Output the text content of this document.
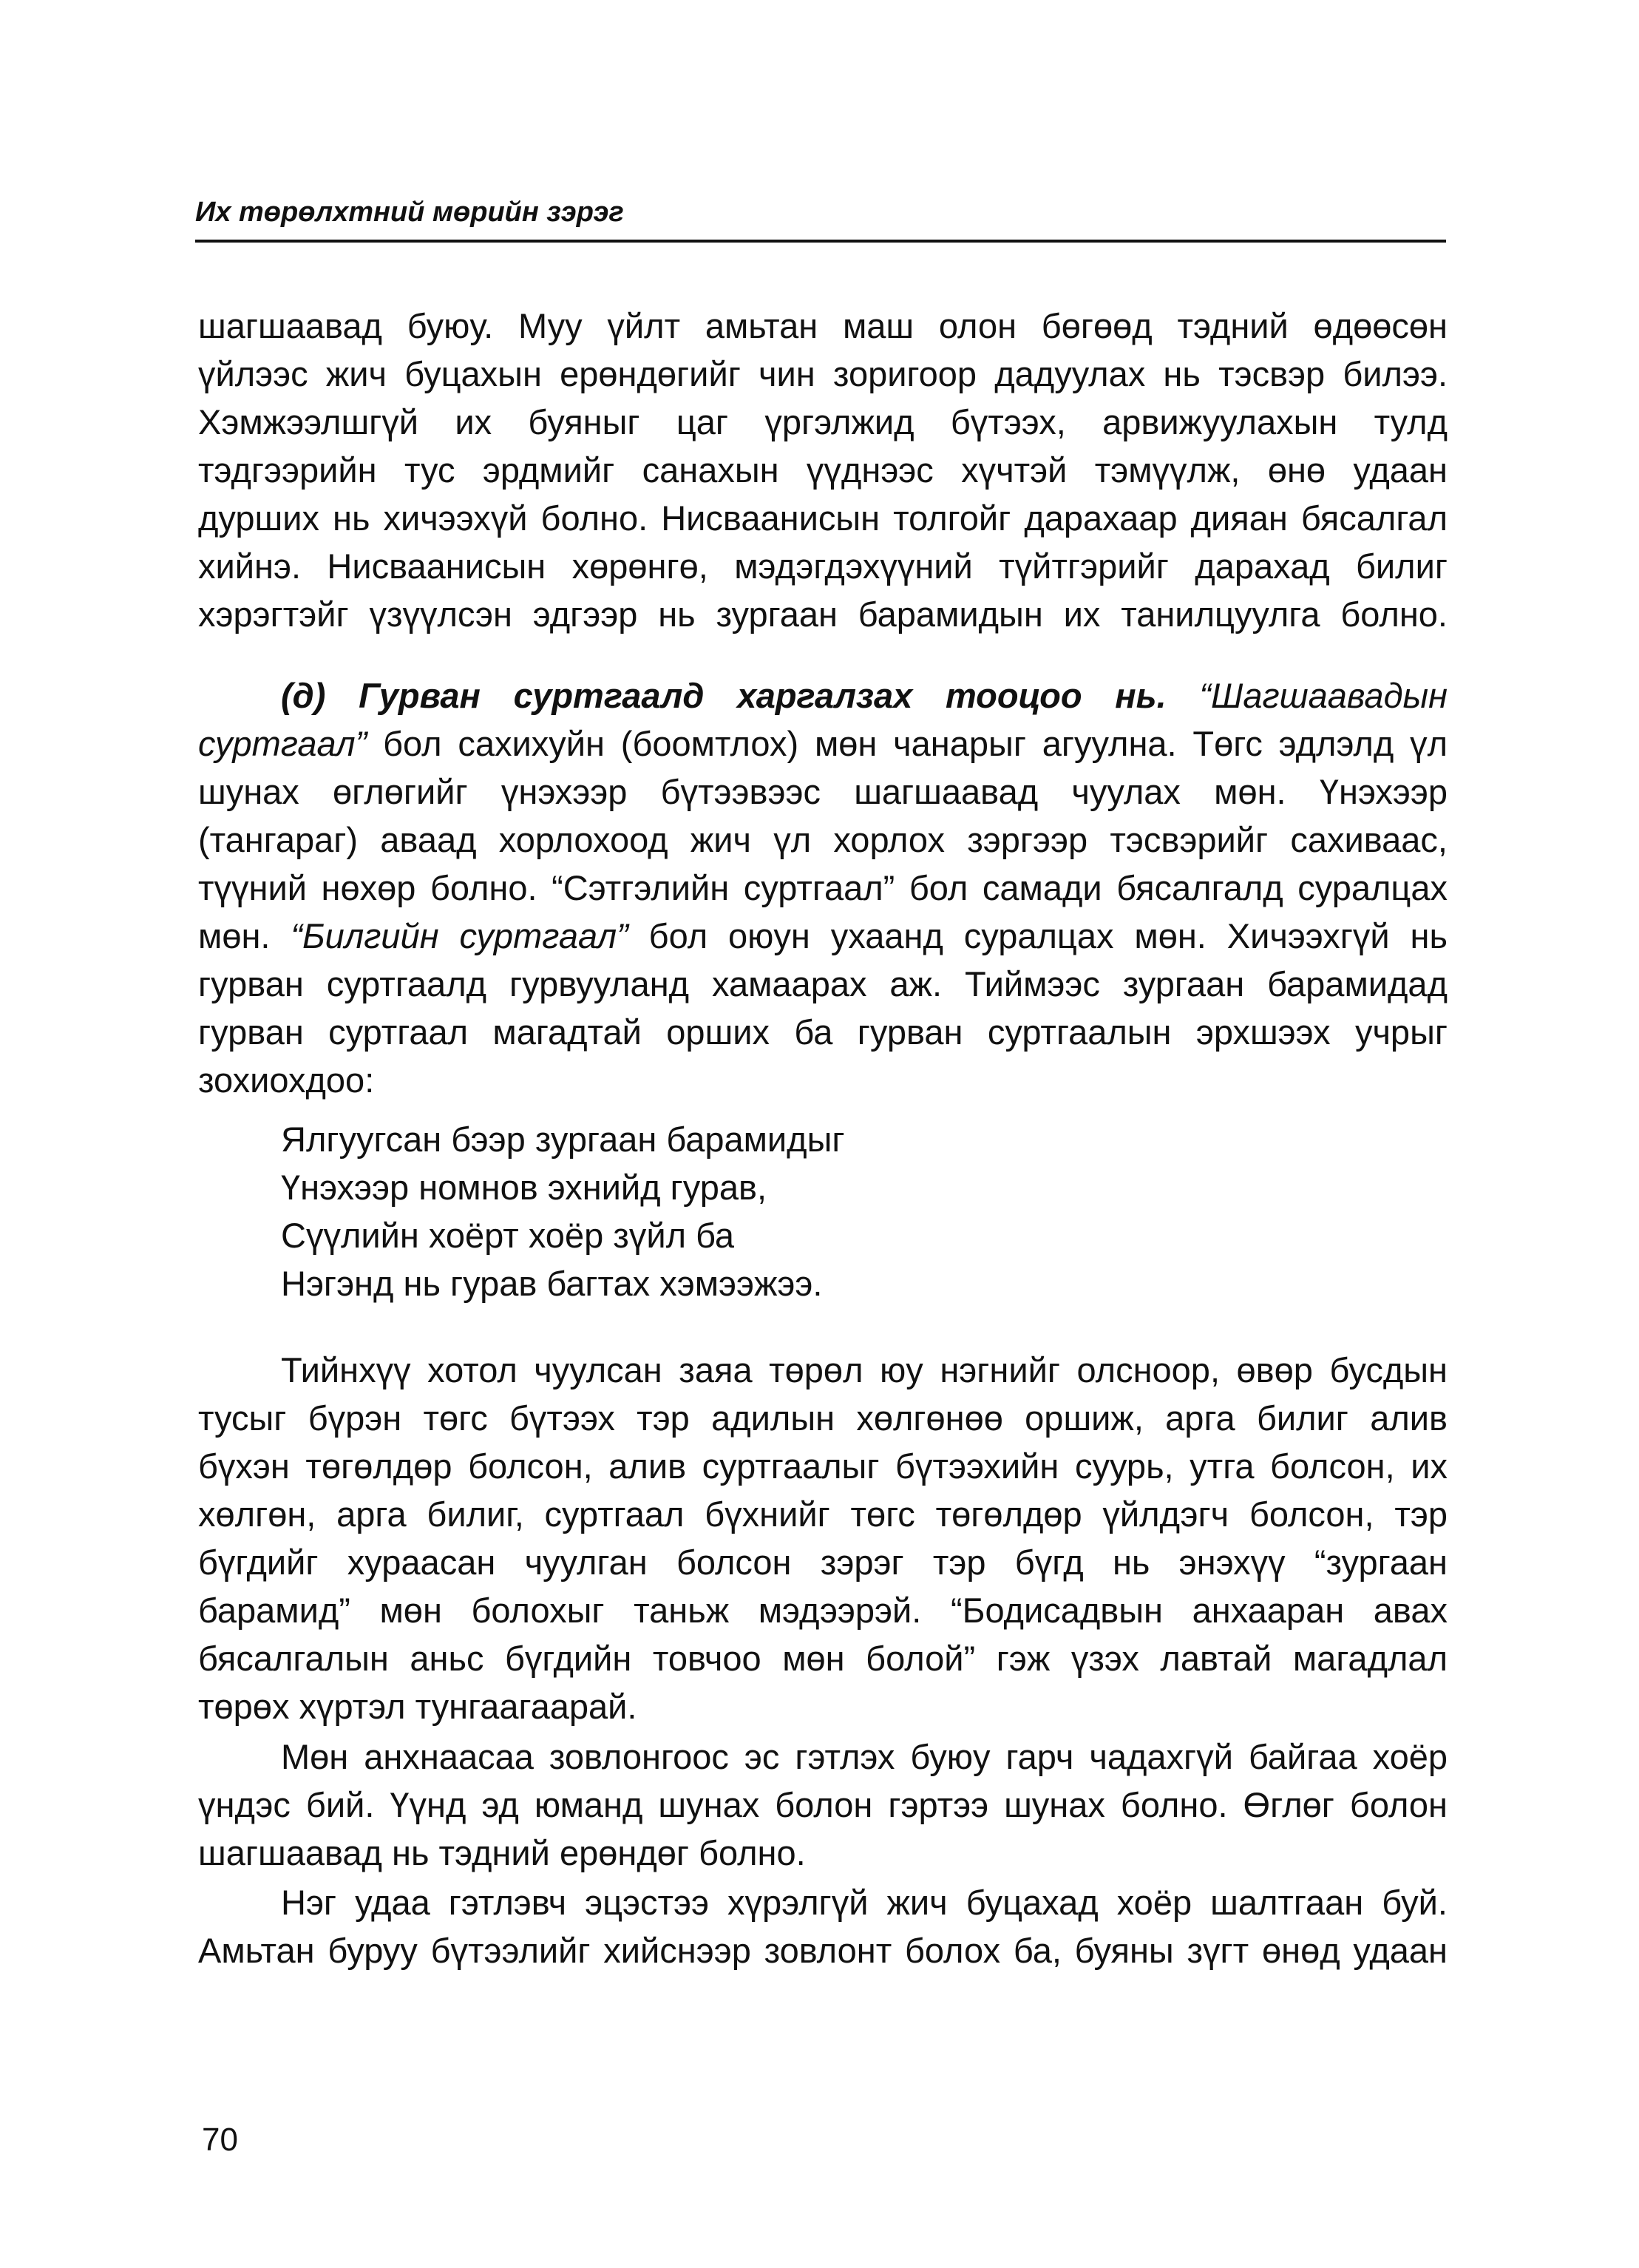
Их төрөлхтний мөрийн зэрэг
шагшаавад буюу. Муу үйлт амьтан маш олон бөгөөд тэдний өдөөсөн
үйлээс жич буцахын ерөндөгийг чин зоригоор дадуулах нь тэсвэр билээ.
Хэмжээлшгүй их буяныг цаг үргэлжид бүтээх, арвижуулахын тулд
тэдгээрийн тус эрдмийг санахын үүднээс хүчтэй тэмүүлж, өнө удаан
дурших нь хичээхүй болно. Нисваанисын толгойг дарахаар дияан бясалгал
хийнэ. Нисваанисын хөрөнгө, мэдэгдэхүүний түйтгэрийг дарахад билиг
хэрэгтэйг үзүүлсэн эдгээр нь зургаан барамидын их танилцуулга болно.
(д) Гурван суртгаалд харгалзах тооцоо нь. “Шагшаавадын
суртгаал” бол сахихуйн (боомтлох) мөн чанарыг агуулна. Төгс эдлэлд үл
шунах өглөгийг үнэхээр бүтээвээс шагшаавад чуулах мөн. Үнэхээр
(тангараг) аваад хорлохоод жич үл хорлох зэргээр тэсвэрийг сахиваас,
түүний нөхөр болно. “Сэтгэлийн суртгаал” бол самади бясалгалд суралцах
мөн. “Билгийн суртгаал” бол оюун ухаанд суралцах мөн. Хичээхгүй нь
гурван суртгаалд гурвууланд хамаарах аж. Тиймээс зургаан барамидад
гурван суртгаал магадтай орших ба гурван суртгаалын эрхшээх учрыг
зохиохдоо:
Ялгуугсан бээр зургаан барамидыг
Үнэхээр номнов эхнийд гурав,
Сүүлийн хоёрт хоёр зүйл ба
Нэгэнд нь гурав багтах хэмээжээ.
Тийнхүү хотол чуулсан заяа төрөл юу нэгнийг олсноор, өвөр бусдын
тусыг бүрэн төгс бүтээх тэр адилын хөлгөнөө оршиж, арга билиг алив
бүхэн төгөлдөр болсон, алив суртгаалыг бүтээхийн суурь, утга болсон, их
хөлгөн, арга билиг, суртгаал бүхнийг төгс төгөлдөр үйлдэгч болсон, тэр
бүгдийг хураасан чуулган болсон зэрэг тэр бүгд нь энэхүү “зургаан
барамид” мөн болохыг таньж мэдээрэй. “Бодисадвын анхааран авах
бясалгалын аньс бүгдийн товчоо мөн болой” гэж үзэх лавтай магадлал
төрөх хүртэл тунгаагаарай.
Мөн анхнаасаа зовлонгоос эс гэтлэх буюу гарч чадахгүй байгаа хоёр
үндэс бий. Үүнд эд юманд шунах болон гэртээ шунах болно. Өглөг болон
шагшаавад нь тэдний ерөндөг болно.
Нэг удаа гэтлэвч эцэстээ хүрэлгүй жич буцахад хоёр шалтгаан буй.
Амьтан буруу бүтээлийг хийснээр зовлонт болох ба, буяны зүгт өнөд удаан
70
